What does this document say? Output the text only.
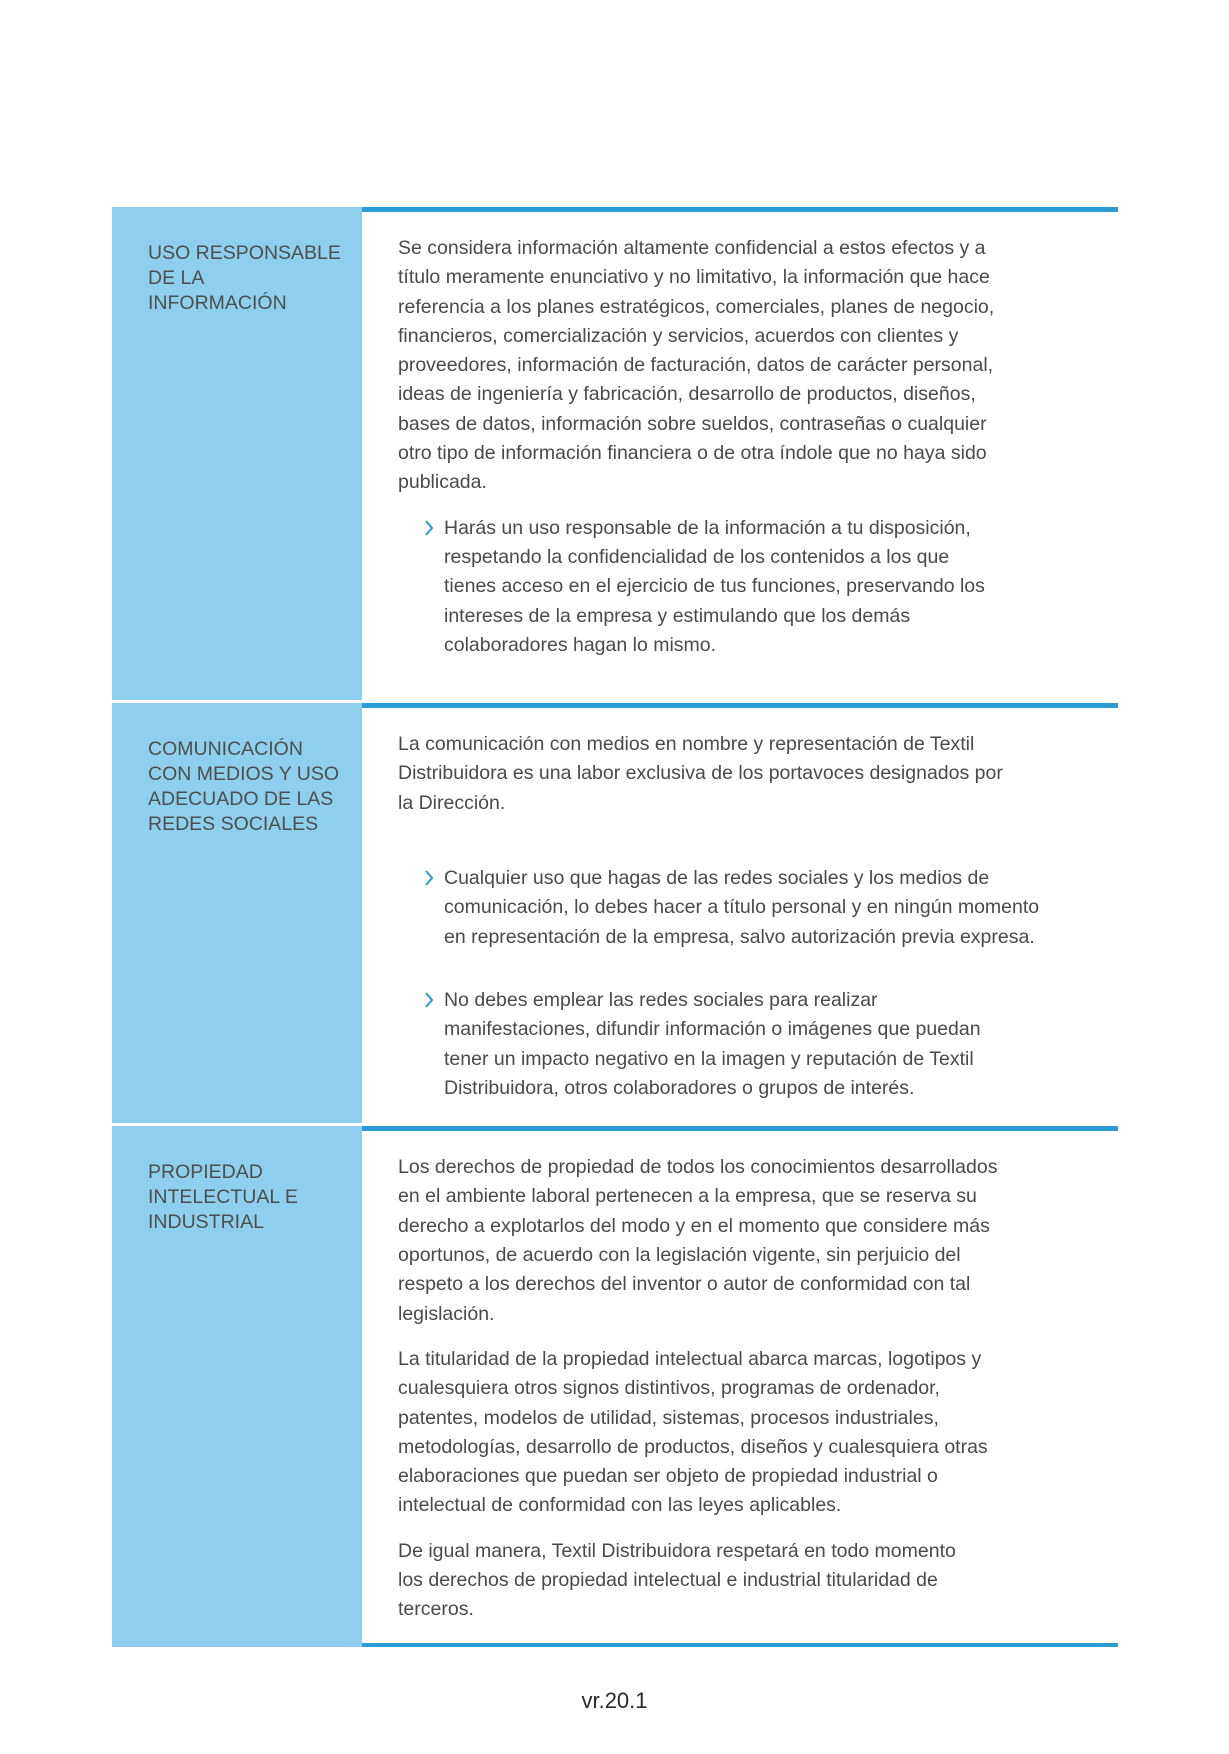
USO RESPONSABLE
DE LA
INFORMACIÓN

Se considera información altamente confidencial a estos efectos y a título meramente enunciativo y no limitativo, la información que hace referencia a los planes estratégicos, comerciales, planes de negocio, financieros, comercialización y servicios, acuerdos con clientes y proveedores, información de facturación, datos de carácter personal, ideas de ingeniería y fabricación, desarrollo de productos, diseños, bases de datos, información sobre sueldos, contraseñas o cualquier otro tipo de información financiera o de otra índole que no haya sido publicada.

Harás un uso responsable de la información a tu disposición, respetando la confidencialidad de los contenidos a los que tienes acceso en el ejercicio de tus funciones, preservando los intereses de la empresa y estimulando que los demás colaboradores hagan lo mismo.
COMUNICACIÓN
CON MEDIOS Y USO
ADECUADO DE LAS
REDES SOCIALES

La comunicación con medios en nombre y representación de Textil Distribuidora es una labor exclusiva de los portavoces designados por la Dirección.

Cualquier uso que hagas de las redes sociales y los medios de comunicación, lo debes hacer a título personal y en ningún momento en representación de la empresa, salvo autorización previa expresa.
No debes emplear las redes sociales para realizar manifestaciones, difundir información o imágenes que puedan tener un impacto negativo en la imagen y reputación de Textil Distribuidora, otros colaboradores o grupos de interés.
PROPIEDAD
INTELECTUAL E
INDUSTRIAL

Los derechos de propiedad de todos los conocimientos desarrollados en el ambiente laboral pertenecen a la empresa, que se reserva su derecho a explotarlos del modo y en el momento que considere más oportunos, de acuerdo con la legislación vigente, sin perjuicio del respeto a los derechos del inventor o autor de conformidad con tal legislación.

La titularidad de la propiedad intelectual abarca marcas, logotipos y cualesquiera otros signos distintivos, programas de ordenador, patentes, modelos de utilidad, sistemas, procesos industriales, metodologías, desarrollo de productos, diseños y cualesquiera otras elaboraciones que puedan ser objeto de propiedad industrial o intelectual de conformidad con las leyes aplicables.

De igual manera, Textil Distribuidora respetará en todo momento los derechos de propiedad intelectual e industrial titularidad de terceros.

vr.20.1
